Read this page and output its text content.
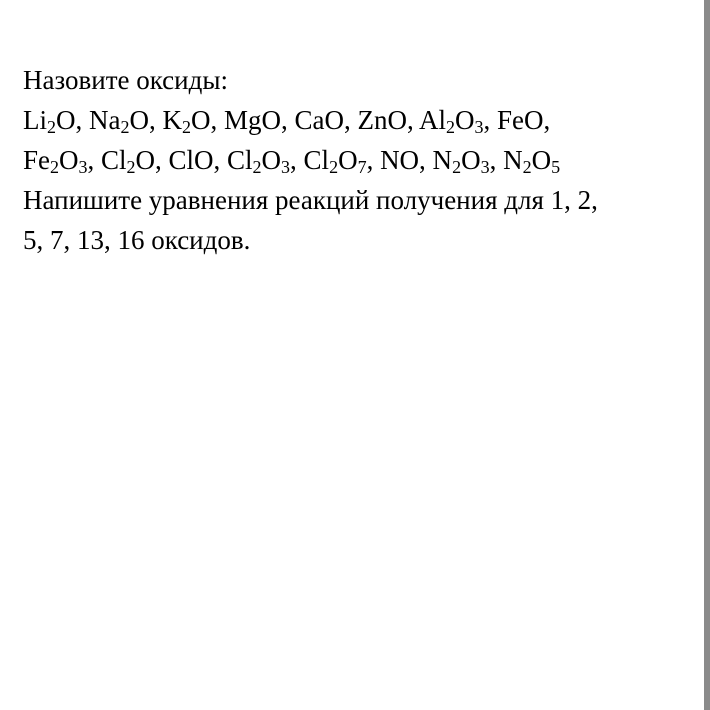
Назовите оксиды:
$Li_2O$, $Na_2O$, $K_2O$, MgO, CaO, ZnO, $Al_2O_3$, FeO,
$Fe_2O_3$, $Cl_2O$, ClO, $Cl_2O_3$, $Cl_2O_7$, NO, $N_2O_3$, $N_2O_5$
Напишите уравнения реакций получения для 1, 2,
5, 7, 13, 16 оксидов.
